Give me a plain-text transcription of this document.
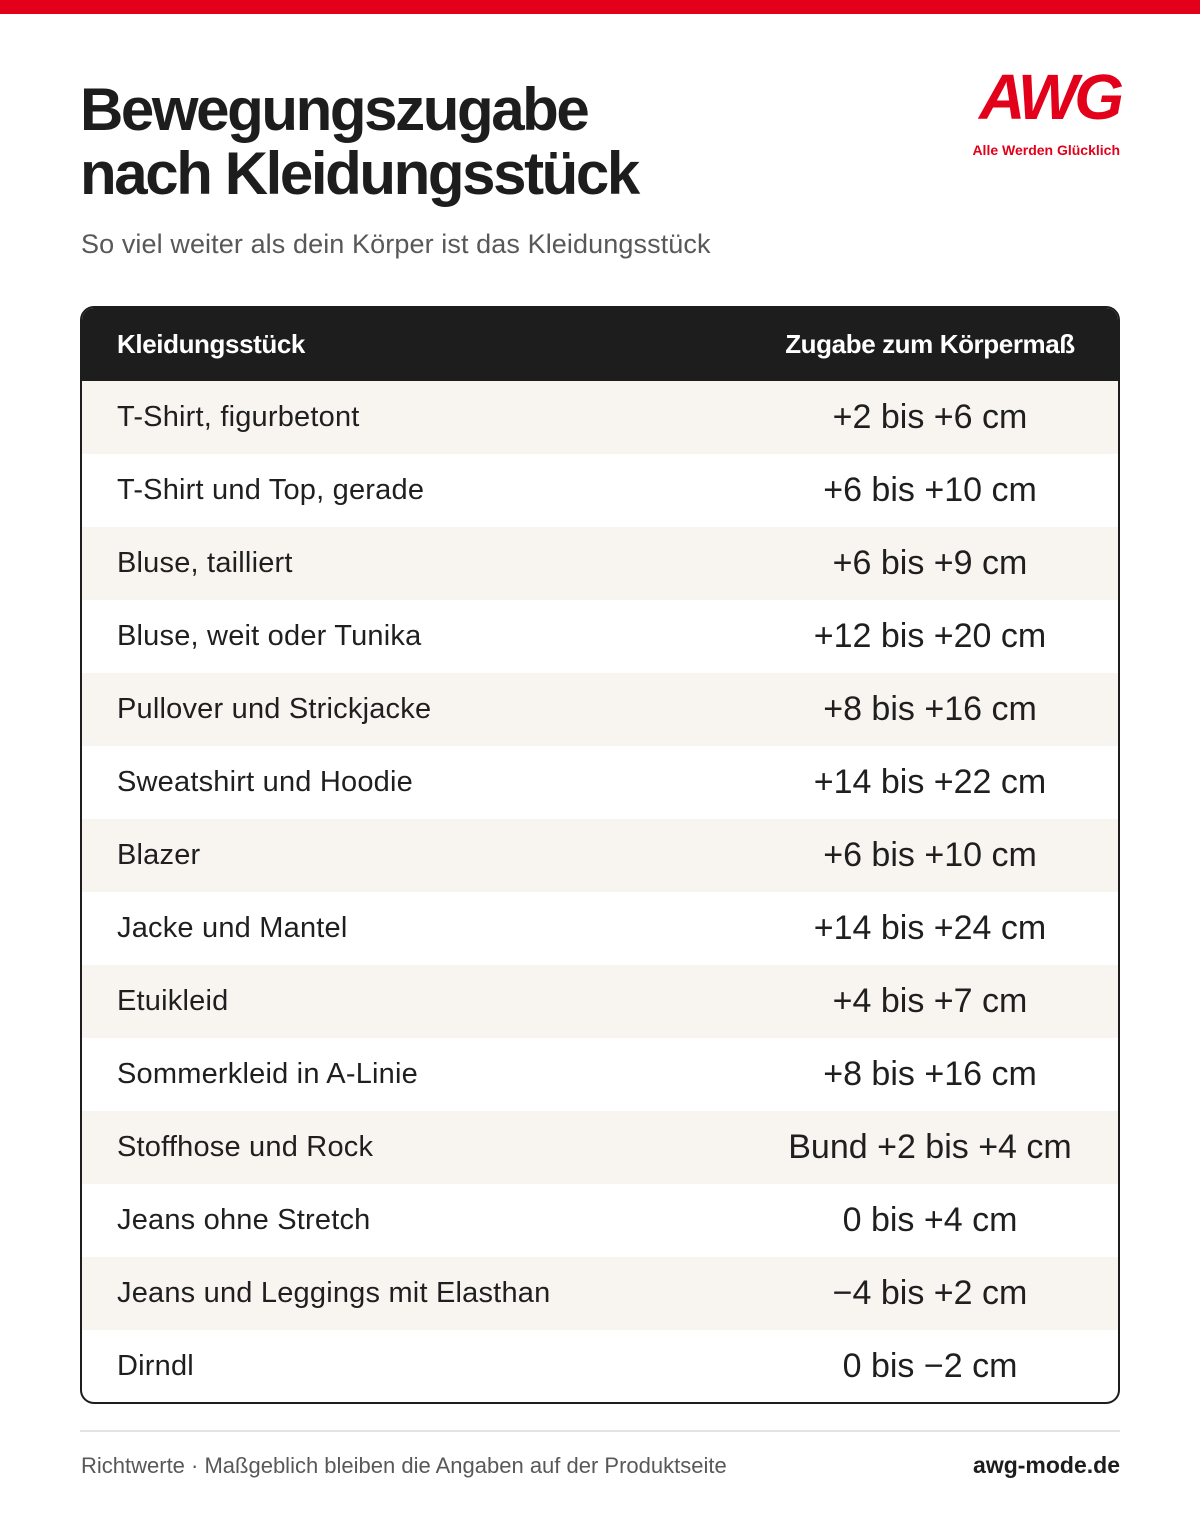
Bewegungszugabe
nach Kleidungsstück

So viel weiter als dein Körper ist das Kleidungsstück

AWG
Alle Werden Glücklich
Kleidungsstück	Zugabe zum Körpermaß
T-Shirt, figurbetont	+2 bis +6 cm
T-Shirt und Top, gerade	+6 bis +10 cm
Bluse, tailliert	+6 bis +9 cm
Bluse, weit oder Tunika	+12 bis +20 cm
Pullover und Strickjacke	+8 bis +16 cm
Sweatshirt und Hoodie	+14 bis +22 cm
Blazer	+6 bis +10 cm
Jacke und Mantel	+14 bis +24 cm
Etuikleid	+4 bis +7 cm
Sommerkleid in A-Linie	+8 bis +16 cm
Stoffhose und Rock	Bund +2 bis +4 cm
Jeans ohne Stretch	0 bis +4 cm
Jeans und Leggings mit Elasthan	−4 bis +2 cm
Dirndl	0 bis −2 cm

Richtwerte · Maßgeblich bleiben die Angaben auf der Produktseite	awg-mode.de
